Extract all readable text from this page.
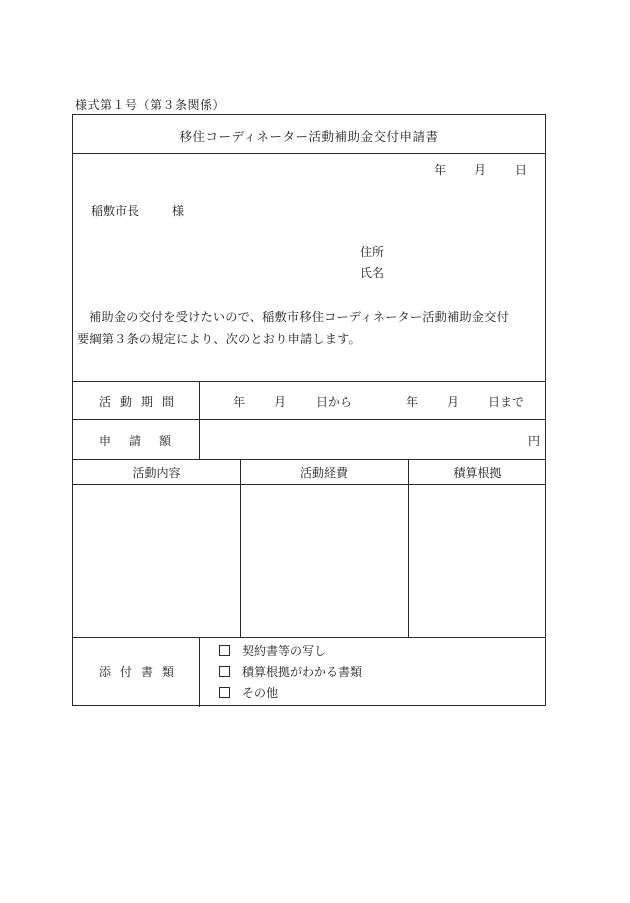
様式第１号（第３条関係）
移住コーディネーター活動補助金交付申請書
年 月 日
稲敷市長	様
住所
氏名
補助金の交付を受けたいので、稲敷市移住コーディネーター活動補助金交付
要綱第３条の規定により、次のとおり申請します。
活動期間	年 月 日から	年 月 日まで
申請額	円
活動内容	活動経費	積算根拠
添付書類
契約書等の写し
積算根拠がわかる書類
その他
